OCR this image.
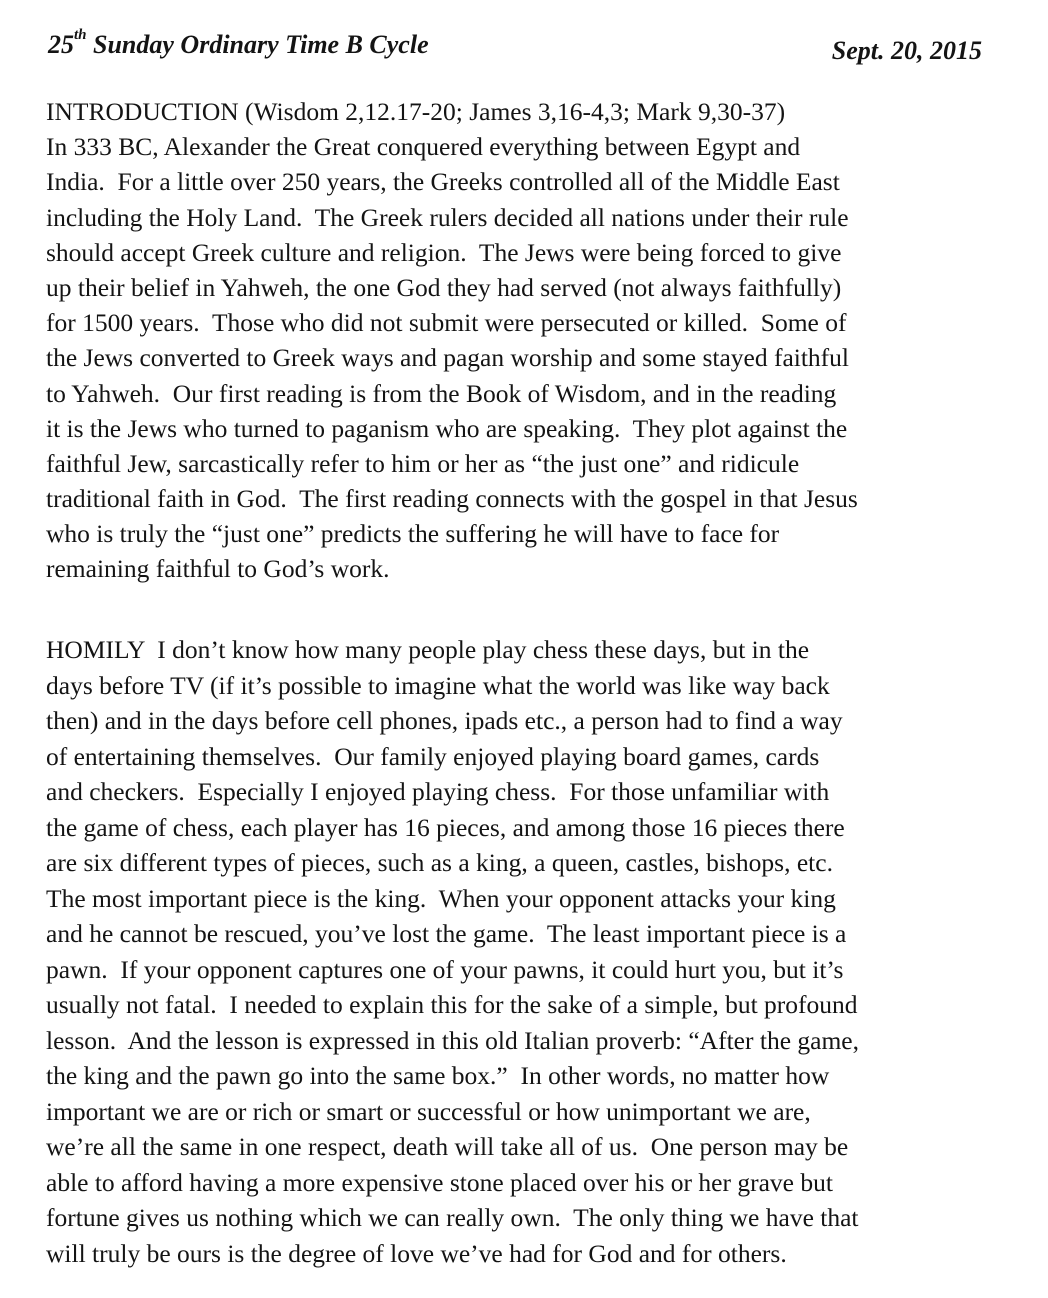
25th Sunday Ordinary Time B Cycle	Sept. 20, 2015
INTRODUCTION (Wisdom 2,12.17-20; James 3,16-4,3; Mark 9,30-37)
In 333 BC, Alexander the Great conquered everything between Egypt and
India.  For a little over 250 years, the Greeks controlled all of the Middle East
including the Holy Land.  The Greek rulers decided all nations under their rule
should accept Greek culture and religion.  The Jews were being forced to give
up their belief in Yahweh, the one God they had served (not always faithfully)
for 1500 years.  Those who did not submit were persecuted or killed.  Some of
the Jews converted to Greek ways and pagan worship and some stayed faithful
to Yahweh.  Our first reading is from the Book of Wisdom, and in the reading
it is the Jews who turned to paganism who are speaking.  They plot against the
faithful Jew, sarcastically refer to him or her as “the just one” and ridicule
traditional faith in God.  The first reading connects with the gospel in that Jesus
who is truly the “just one” predicts the suffering he will have to face for
remaining faithful to God’s work.
HOMILY  I don’t know how many people play chess these days, but in the
days before TV (if it’s possible to imagine what the world was like way back
then) and in the days before cell phones, ipads etc., a person had to find a way
of entertaining themselves.  Our family enjoyed playing board games, cards
and checkers.  Especially I enjoyed playing chess.  For those unfamiliar with
the game of chess, each player has 16 pieces, and among those 16 pieces there
are six different types of pieces, such as a king, a queen, castles, bishops, etc.
The most important piece is the king.  When your opponent attacks your king
and he cannot be rescued, you’ve lost the game.  The least important piece is a
pawn.  If your opponent captures one of your pawns, it could hurt you, but it’s
usually not fatal.  I needed to explain this for the sake of a simple, but profound
lesson.  And the lesson is expressed in this old Italian proverb: “After the game,
the king and the pawn go into the same box.”  In other words, no matter how
important we are or rich or smart or successful or how unimportant we are,
we’re all the same in one respect, death will take all of us.  One person may be
able to afford having a more expensive stone placed over his or her grave but
fortune gives us nothing which we can really own.  The only thing we have that
will truly be ours is the degree of love we’ve had for God and for others.
